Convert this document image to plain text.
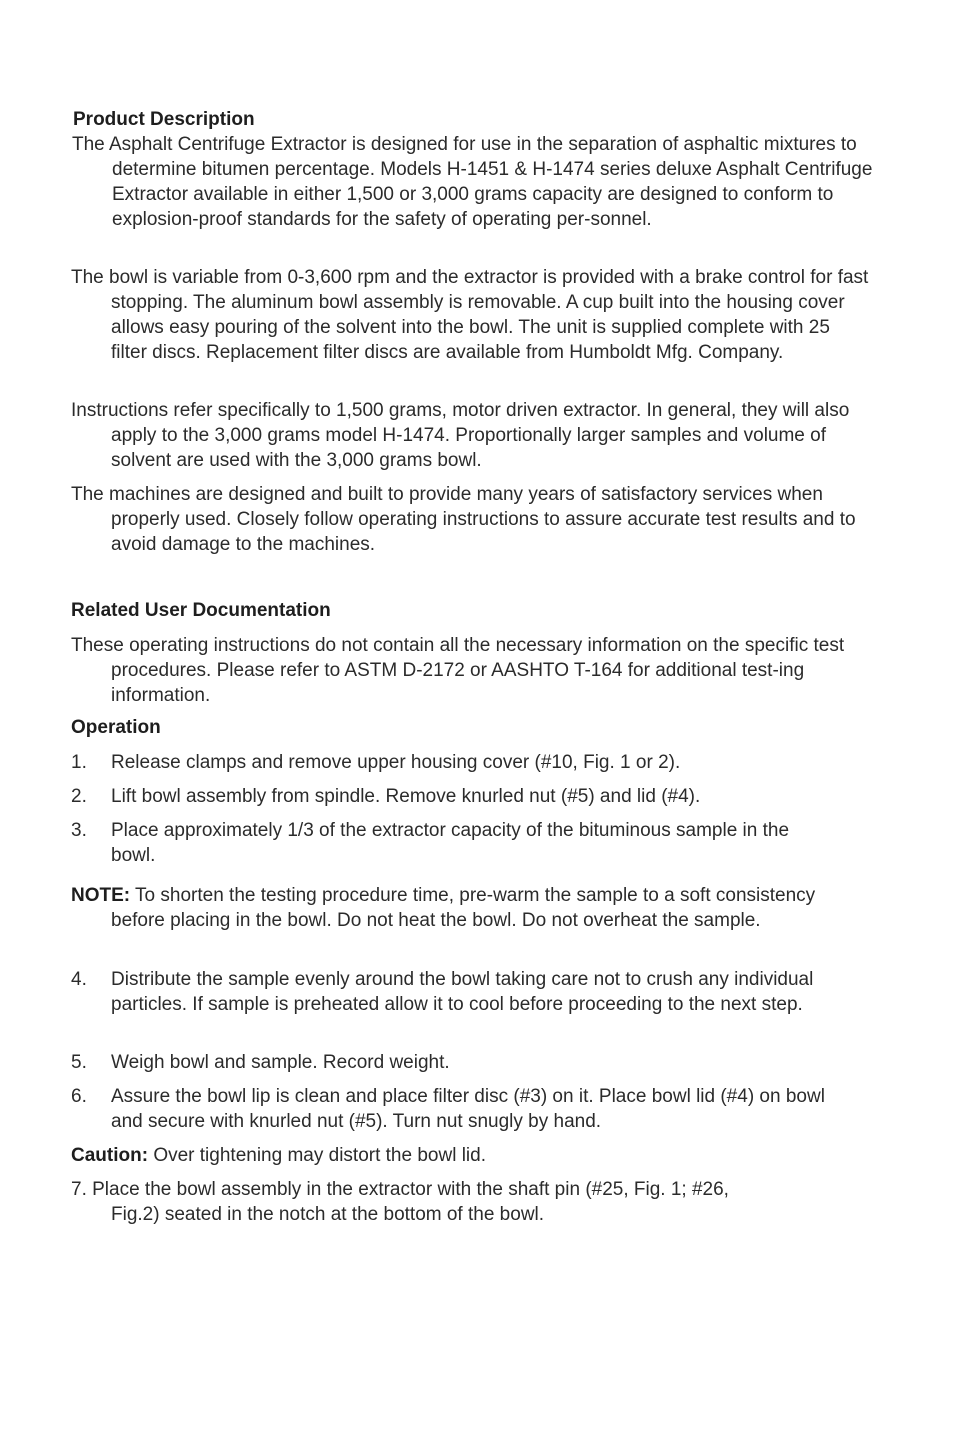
Product Description
The Asphalt Centrifuge Extractor is designed for use in the separation of asphaltic mixtures to determine bitumen percentage. Models H-1451 & H-1474 series deluxe Asphalt Centrifuge Extractor available in either 1,500 or 3,000 grams capacity are designed to conform to explosion-proof standards for the safety of operating per-sonnel.
The bowl is variable from 0-3,600 rpm and the extractor is provided with a brake control for fast stopping. The aluminum bowl assembly is removable. A cup built into the housing cover allows easy pouring of the solvent into the bowl. The unit is supplied complete with 25 filter discs. Replacement filter discs are available from Humboldt Mfg. Company.
Instructions refer specifically to 1,500 grams, motor driven extractor. In general, they will also apply to the 3,000 grams model H-1474. Proportionally larger samples and volume of solvent are used with the 3,000 grams bowl.
The machines are designed and built to provide many years of satisfactory services when properly used. Closely follow operating instructions to assure accurate test results and to avoid damage to the machines.
Related User Documentation
These operating instructions do not contain all the necessary information on the specific test procedures. Please refer to ASTM D-2172 or AASHTO T-164 for additional test-ing information.
Operation
1. Release clamps and remove upper housing cover (#10, Fig. 1 or 2).
2. Lift bowl assembly from spindle. Remove knurled nut (#5) and lid (#4).
3. Place approximately 1/3 of the extractor capacity of the bituminous sample in the bowl.
NOTE: To shorten the testing procedure time, pre-warm the sample to a soft consistency before placing in the bowl. Do not heat the bowl. Do not overheat the sample.
4. Distribute the sample evenly around the bowl taking care not to crush any individual particles. If sample is preheated allow it to cool before proceeding to the next step.
5. Weigh bowl and sample. Record weight.
6. Assure the bowl lip is clean and place filter disc (#3) on it. Place bowl lid (#4) on bowl and secure with knurled nut (#5). Turn nut snugly by hand.
Caution: Over tightening may distort the bowl lid.
7. Place the bowl assembly in the extractor with the shaft pin (#25, Fig. 1; #26, Fig.2) seated in the notch at the bottom of the bowl.
